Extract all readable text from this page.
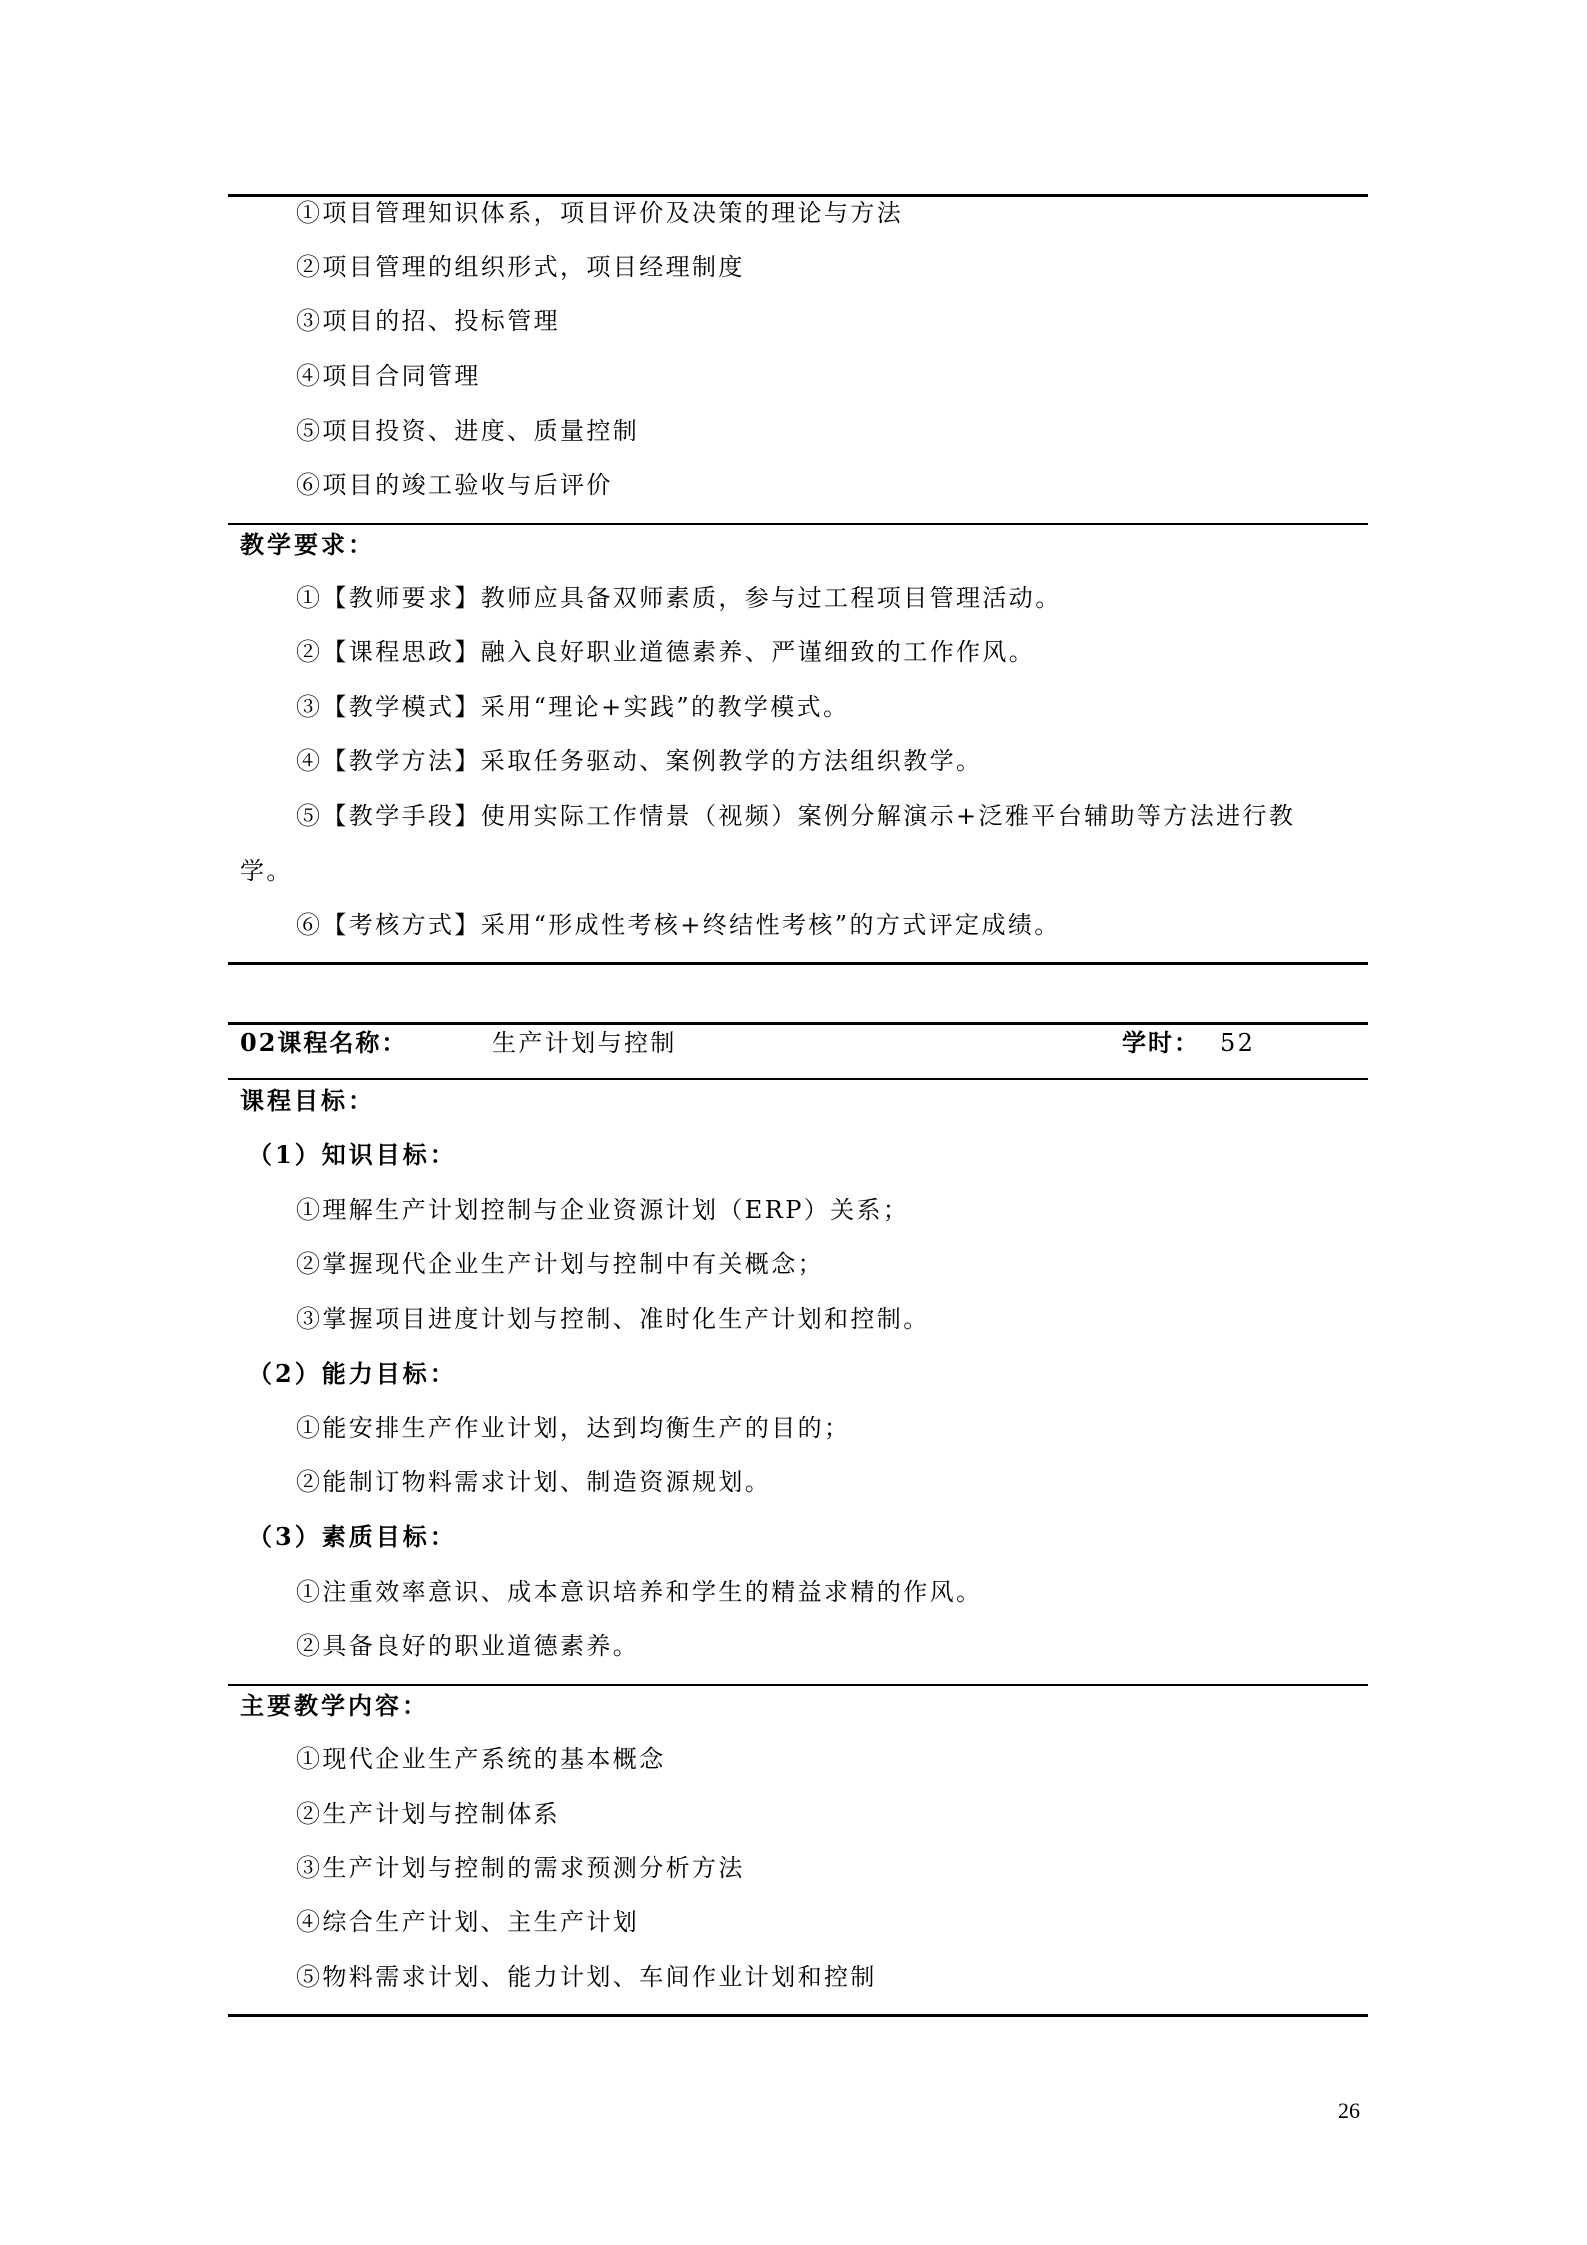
①项目管理知识体系，项目评价及决策的理论与方法
②项目管理的组织形式，项目经理制度
③项目的招、投标管理
④项目合同管理
⑤项目投资、进度、质量控制
⑥项目的竣工验收与后评价
教学要求：
①【教师要求】教师应具备双师素质，参与过工程项目管理活动。
②【课程思政】融入良好职业道德素养、严谨细致的工作作风。
③【教学模式】采用“理论+实践”的教学模式。
④【教学方法】采取任务驱动、案例教学的方法组织教学。
⑤【教学手段】使用实际工作情景（视频）案例分解演示+泛雅平台辅助等方法进行教
学。
⑥【考核方式】采用“形成性考核+终结性考核”的方式评定成绩。
02课程名称：	生产计划与控制	学时： 52
课程目标：
（1）知识目标：
①理解生产计划控制与企业资源计划（ERP）关系；
②掌握现代企业生产计划与控制中有关概念；
③掌握项目进度计划与控制、准时化生产计划和控制。
（2）能力目标：
①能安排生产作业计划，达到均衡生产的目的；
②能制订物料需求计划、制造资源规划。
（3）素质目标：
①注重效率意识、成本意识培养和学生的精益求精的作风。
②具备良好的职业道德素养。
主要教学内容：
①现代企业生产系统的基本概念
②生产计划与控制体系
③生产计划与控制的需求预测分析方法
④综合生产计划、主生产计划
⑤物料需求计划、能力计划、车间作业计划和控制
26
